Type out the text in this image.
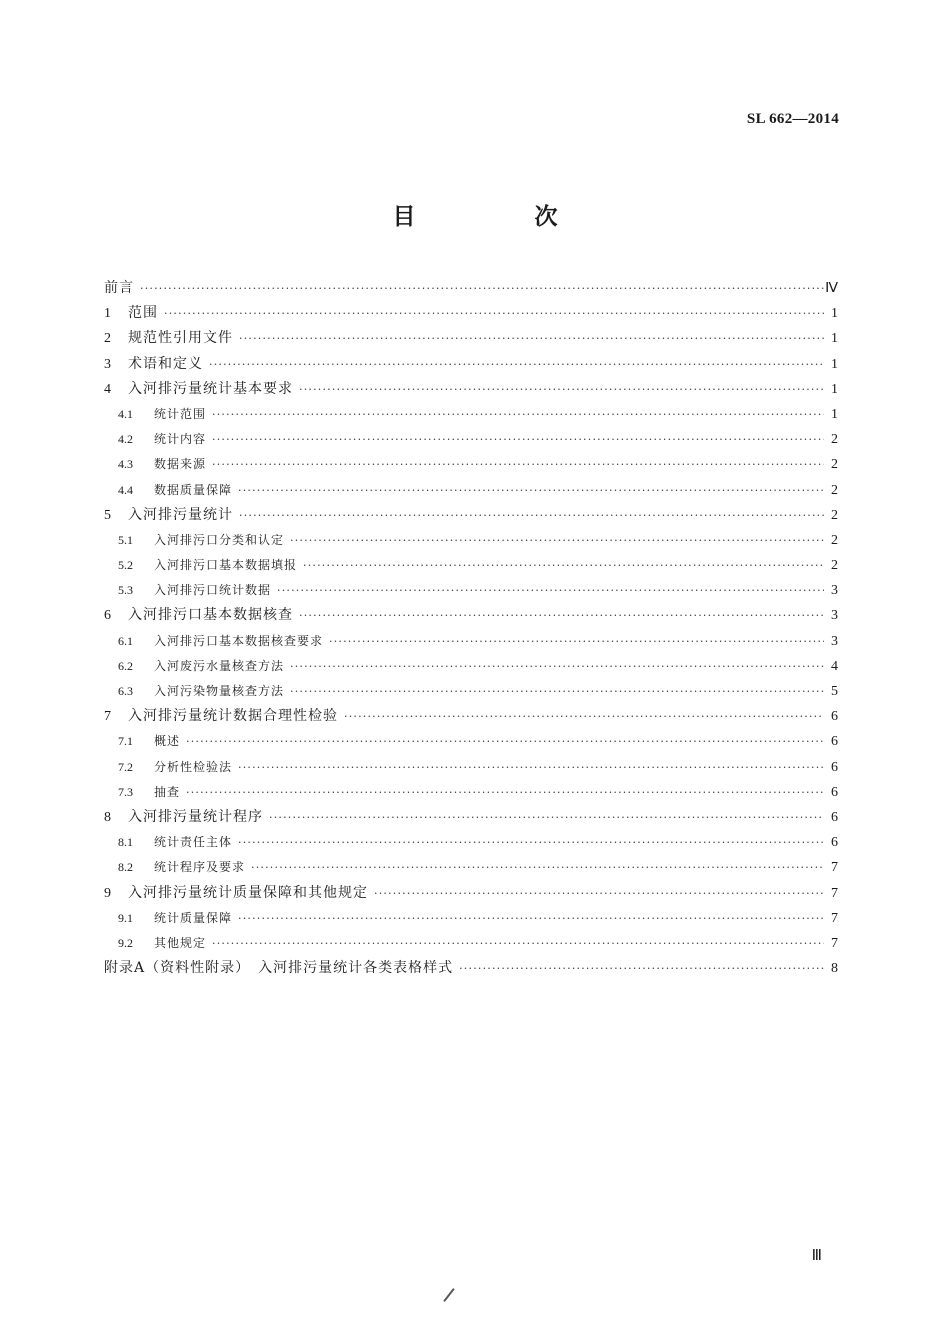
SL 662—2014
目　次
前言 ·····	Ⅳ
1	范围 ·····	1
2	规范性引用文件 ·····	1
3	术语和定义 ·····	1
4	入河排污量统计基本要求 ·····	1
4.1	统计范围 ·····	1
4.2	统计内容 ·····	2
4.3	数据来源 ·····	2
4.4	数据质量保障 ·····	2
5	入河排污量统计 ·····	2
5.1	入河排污口分类和认定 ·····	2
5.2	入河排污口基本数据填报 ·····	2
5.3	入河排污口统计数据 ·····	3
6	入河排污口基本数据核查 ·····	3
6.1	入河排污口基本数据核查要求 ·····	3
6.2	入河废污水量核查方法 ·····	4
6.3	入河污染物量核查方法 ·····	5
7	入河排污量统计数据合理性检验 ·····	6
7.1	概述 ·····	6
7.2	分析性检验法 ·····	6
7.3	抽查 ·····	6
8	入河排污量统计程序 ·····	6
8.1	统计责任主体 ·····	6
8.2	统计程序及要求 ·····	7
9	入河排污量统计质量保障和其他规定 ·····	7
9.1	统计质量保障 ·····	7
9.2	其他规定 ·····	7
附录A（资料性附录）　入河排污量统计各类表格样式 ·····	8
Ⅲ
